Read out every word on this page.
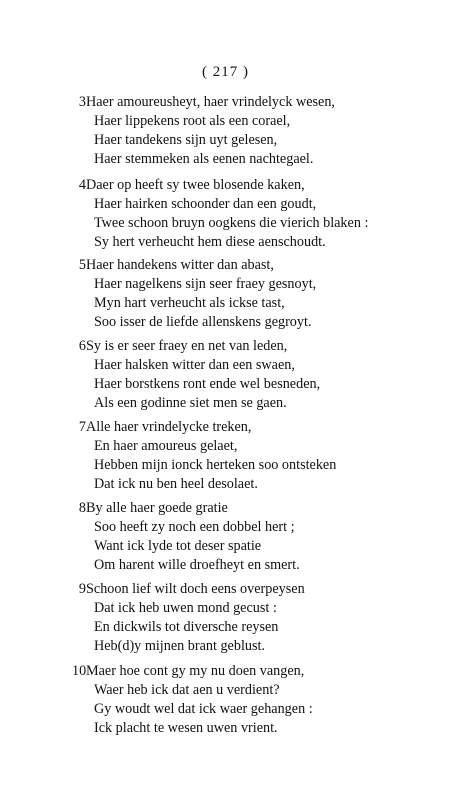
( 217 )
3 Haer amoureusheyt, haer vrindelyck wesen,
Haer lippekens root als een corael,
Haer tandekens sijn uyt gelesen,
Haer stemmeken als eenen nachtegael.
4 Daer op heeft sy twee blosende kaken,
Haer hairken schoonder dan een goudt,
Twee schoon bruyn oogkens die vierich blaken :
Sy hert verheucht hem diese aenschoudt.
5 Haer handekens witter dan abast,
Haer nagelkens sijn seer fraey gesnoyt,
Myn hart verheucht als ickse tast,
Soo isser de liefde allenskens gegroyt.
6 Sy is er seer fraey en net van leden,
Haer halsken witter dan een swaen,
Haer borstkens ront ende wel besneden,
Als een godinne siet men se gaen.
7 Alle haer vrindelycke treken,
En haer amoureus gelaet,
Hebben mijn ionck herteken soo ontsteken
Dat ick nu ben heel desolaet.
8 By alle haer goede gratie
Soo heeft zy noch een dobbel hert ;
Want ick lyde tot deser spatie
Om harent wille droefheyt en smert.
9 Schoon lief wilt doch eens overpeysen
Dat ick heb uwen mond gecust :
En dickwils tot diversche reysen
Heb(d)y mijnen brant geblust.
10 Maer hoe cont gy my nu doen vangen,
Waer heb ick dat aen u verdient?
Gy woudt wel dat ick waer gehangen :
Ick placht te wesen uwen vrient.
